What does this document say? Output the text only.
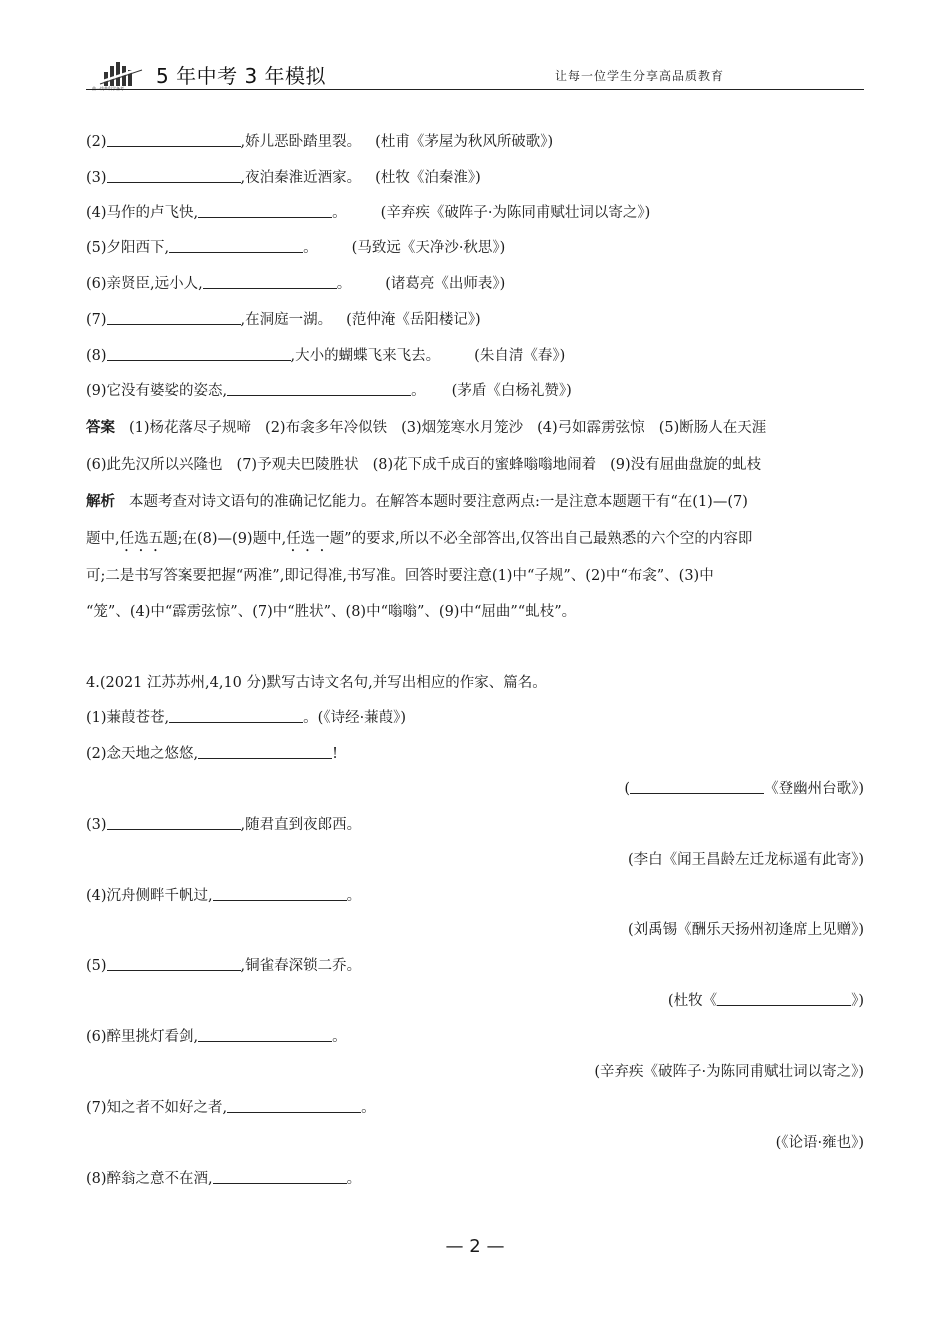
曲一线®科学备考
5 年中考 3 年模拟	让每一位学生分享高品质教育
(2)	,娇儿恶卧踏里裂。 (杜甫《茅屋为秋风所破歌》)
(3)	,夜泊秦淮近酒家。 (杜牧《泊秦淮》)
(4)马作的卢飞快,	。 (辛弃疾《破阵子·为陈同甫赋壮词以寄之》)
(5)夕阳西下,	。 (马致远《天净沙·秋思》)
(6)亲贤臣,远小人,	。 (诸葛亮《出师表》)
(7)	,在洞庭一湖。 (范仲淹《岳阳楼记》)
(8)	,大小的蝴蝶飞来飞去。 (朱自清《春》)
(9)它没有婆娑的姿态,	。 (茅盾《白杨礼赞》)
答案 (1)杨花落尽子规啼 (2)布衾多年冷似铁 (3)烟笼寒水月笼沙 (4)弓如霹雳弦惊 (5)断肠人在天涯
(6)此先汉所以兴隆也 (7)予观夫巴陵胜状 (8)花下成千成百的蜜蜂嗡嗡地闹着 (9)没有屈曲盘旋的虬枝
解析 本题考查对诗文语句的准确记忆能力。在解答本题时要注意两点:一是注意本题题干有“在(1)—(7)
题中,任选五题;在(8)—(9)题中,任选一题”的要求,所以不必全部答出,仅答出自己最熟悉的六个空的内容即
可;二是书写答案要把握“两准”,即记得准,书写准。回答时要注意(1)中“子规”、(2)中“布衾”、(3)中
“笼”、(4)中“霹雳弦惊”、(7)中“胜状”、(8)中“嗡嗡”、(9)中“屈曲”“虬枝”。
4.(2021 江苏苏州,4,10 分)默写古诗文名句,并写出相应的作家、篇名。
(1)蒹葭苍苍,	。(《诗经·蒹葭》)
(2)念天地之悠悠,	!
(	《登幽州台歌》)
(3)	,随君直到夜郎西。
(李白《闻王昌龄左迁龙标遥有此寄》)
(4)沉舟侧畔千帆过,	。
(刘禹锡《酬乐天扬州初逢席上见赠》)
(5)	,铜雀春深锁二乔。
(杜牧《	》)
(6)醉里挑灯看剑,	。
(辛弃疾《破阵子·为陈同甫赋壮词以寄之》)
(7)知之者不如好之者,	。
(《论语·雍也》)
(8)醉翁之意不在酒,	。
— 2 —
